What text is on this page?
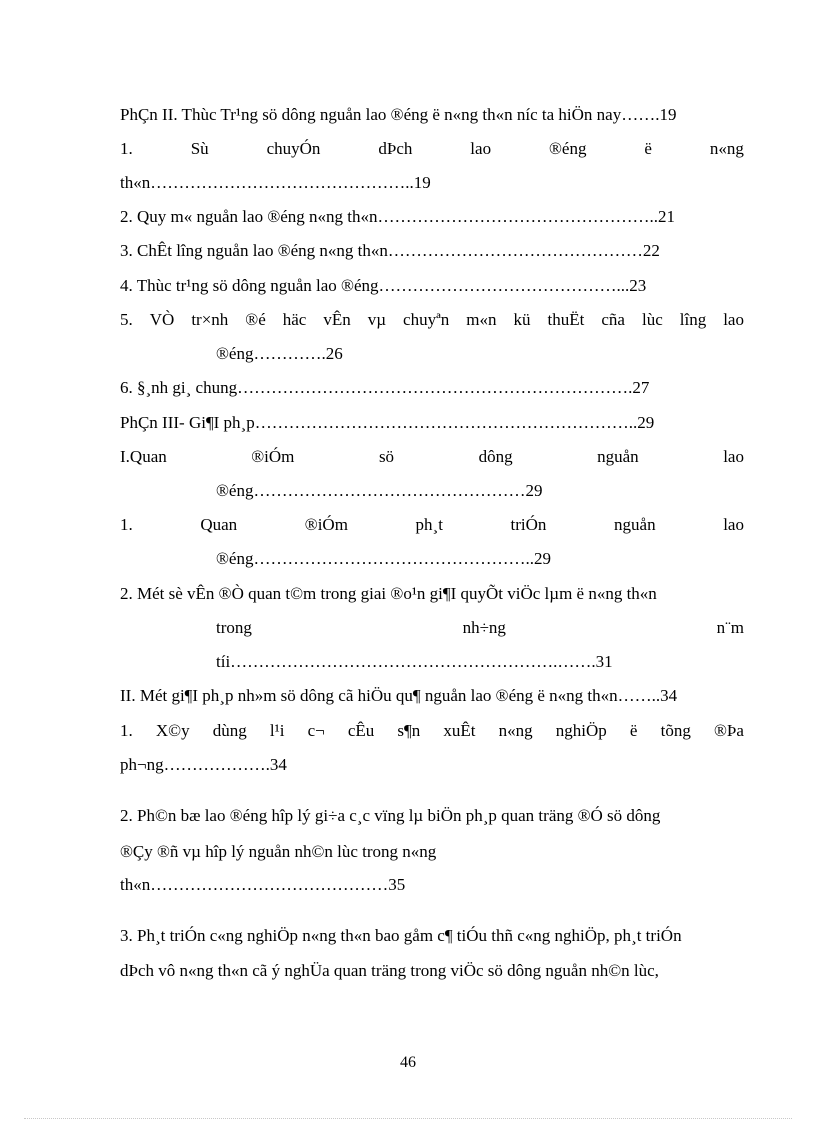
PhÇn II. Thùc Tr¹ng sö dông nguån lao ®éng ë n«ng th«n níc ta hiÖn nay…….19
1.	Sù	chuyÓn	dÞch	lao	®éng	ë	n«ng
th«n………………………………………..19
2. Quy m« nguån lao ®éng n«ng th«n…………………………………………..21
3. ChÊt lîng nguån lao ®éng n«ng th«n………………………………………22
4. Thùc tr¹ng sö dông nguån lao ®éng……………………………………...23
5. VÒ tr×nh ®é häc vÊn vµ chuyªn m«n kü thuËt cña lùc lîng lao
®éng………….26
6. §¸nh gi¸ chung…………………………………………………………….27
PhÇn III- Gi¶I ph¸p…………………………………………………………..29
I.Quan	®iÓm	sö	dông	nguån	lao
®éng…………………………………………29
1.	Quan	®iÓm	ph¸t	triÓn	nguån	lao
®éng…………………………………………..29
2. Mét sè vÊn ®Ò quan t©m trong giai ®o¹n gi¶I quyÕt viÖc lµm ë n«ng th«n
trong	nh÷ng	n¨m
tíi………………………………………………….…….31
II. Mét gi¶I ph¸p nh»m sö dông cã hiÖu qu¶ nguån lao ®éng ë n«ng th«n……..34
1. X©y dùng l¹i c¬ cÊu s¶n xuÊt n«ng nghiÖp ë tõng ®Þa
ph¬ng……………….34
2. Ph©n bæ lao ®éng hîp lý gi÷a c¸c vïng lµ biÖn ph¸p quan träng ®Ó sö dông
®Çy ®ñ vµ hîp lý nguån nh©n lùc trong n«ng
th«n……………………………………35
3. Ph¸t triÓn c«ng nghiÖp n«ng th«n bao gåm c¶ tiÓu thñ c«ng nghiÖp, ph¸t triÓn
dÞch vô n«ng th«n cã ý nghÜa quan träng trong viÖc sö dông nguån nh©n lùc,
46
